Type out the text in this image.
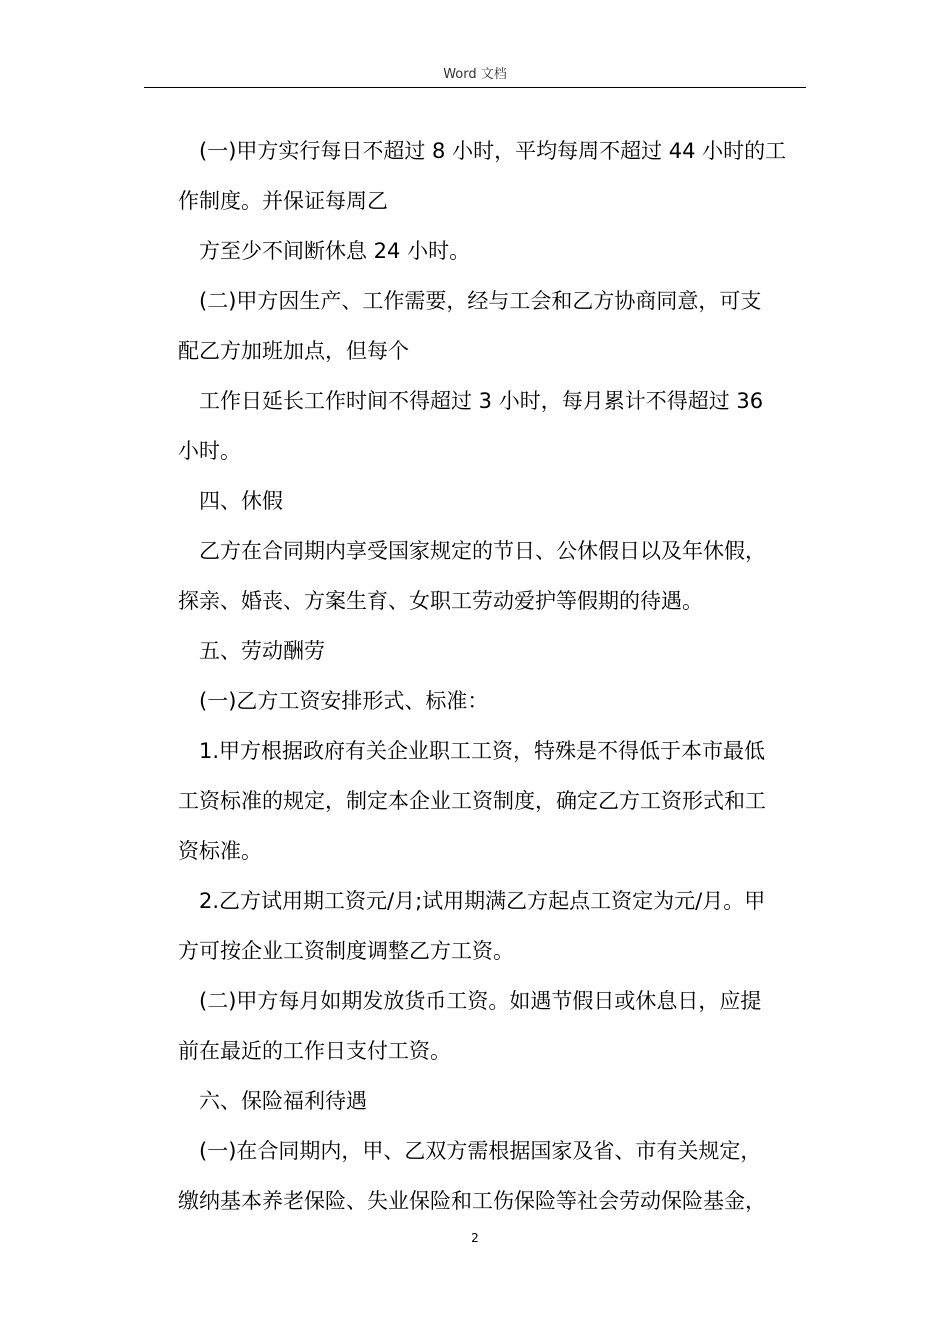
Word 文档
(一)甲方实行每日不超过 8 小时，平均每周不超过 44 小时的工
作制度。并保证每周乙
方至少不间断休息 24 小时。
(二)甲方因生产、工作需要，经与工会和乙方协商同意，可支
配乙方加班加点，但每个
工作日延长工作时间不得超过 3 小时，每月累计不得超过 36
小时。
四、休假
乙方在合同期内享受国家规定的节日、公休假日以及年休假，
探亲、婚丧、方案生育、女职工劳动爱护等假期的待遇。
五、劳动酬劳
(一)乙方工资安排形式、标准：
1.甲方根据政府有关企业职工工资，特殊是不得低于本市最低
工资标准的规定，制定本企业工资制度，确定乙方工资形式和工
资标准。
2.乙方试用期工资元/月;试用期满乙方起点工资定为元/月。甲
方可按企业工资制度调整乙方工资。
(二)甲方每月如期发放货币工资。如遇节假日或休息日，应提
前在最近的工作日支付工资。
六、保险福利待遇
(一)在合同期内，甲、乙双方需根据国家及省、市有关规定，
缴纳基本养老保险、失业保险和工伤保险等社会劳动保险基金，
2
